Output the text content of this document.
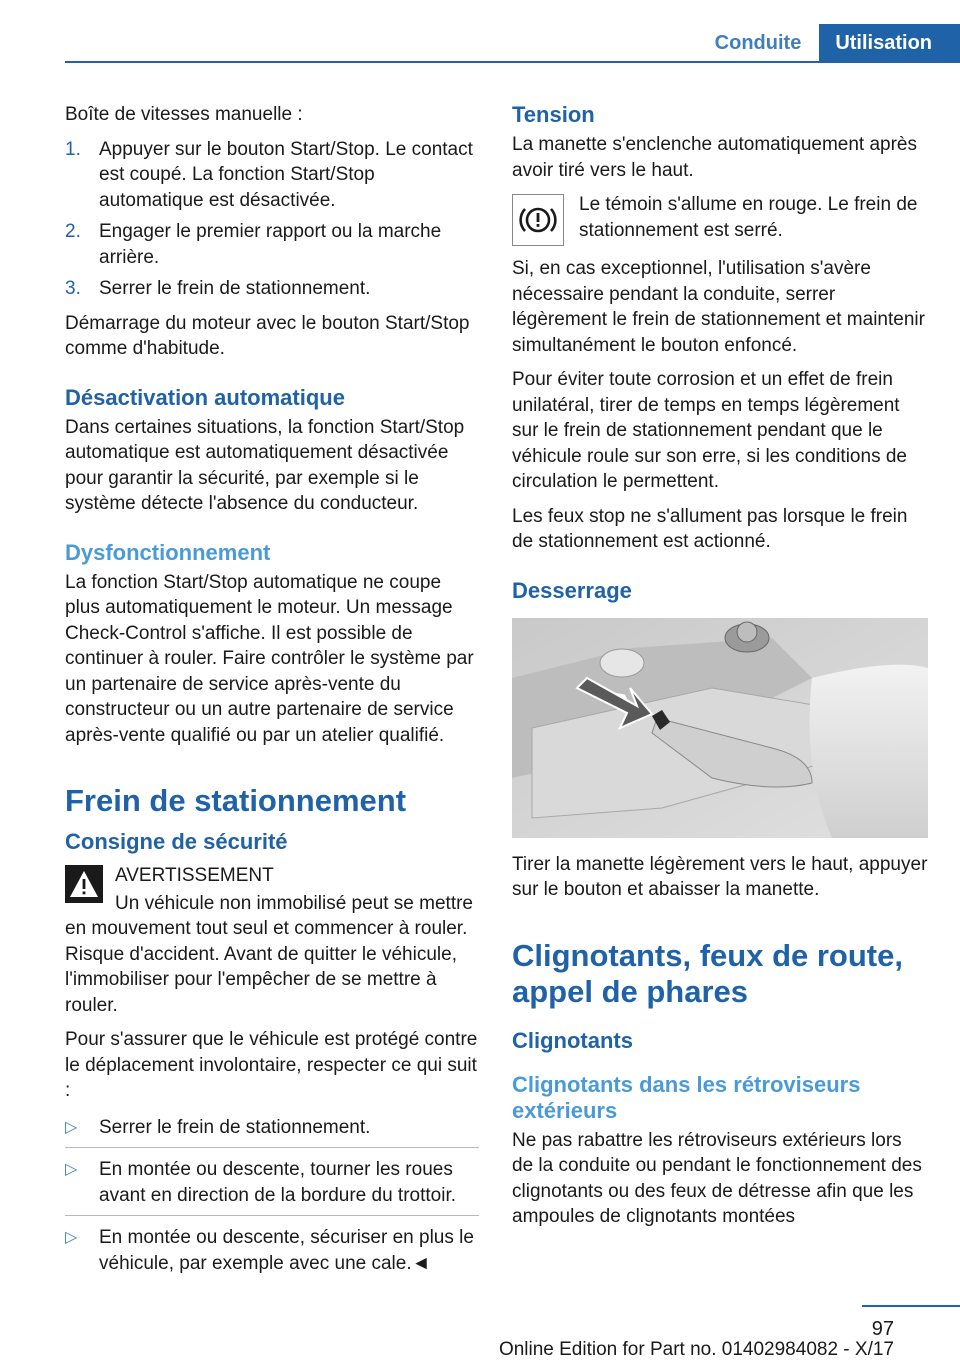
Conduite	Utilisation

Boîte de vitesses manuelle :

1. Appuyer sur le bouton Start/Stop. Le contact est coupé. La fonction Start/Stop automatique est désactivée.
2. Engager le premier rapport ou la marche arrière.
3. Serrer le frein de stationnement.

Démarrage du moteur avec le bouton Start/Stop comme d'habitude.

Désactivation automatique

Dans certaines situations, la fonction Start/Stop automatique est automatiquement désactivée pour garantir la sécurité, par exemple si le système détecte l'absence du conducteur.

Dysfonctionnement

La fonction Start/Stop automatique ne coupe plus automatiquement le moteur. Un message Check-Control s'affiche. Il est possible de continuer à rouler. Faire contrôler le système par un partenaire de service après-vente du constructeur ou un autre partenaire de service après-vente qualifié ou par un atelier qualifié.

Frein de stationnement
Consigne de sécurité
AVERTISSEMENT

Un véhicule non immobilisé peut se mettre en mouvement tout seul et commencer à rouler. Risque d'accident. Avant de quitter le véhicule, l'immobiliser pour l'empêcher de se mettre à rouler.

Pour s'assurer que le véhicule est protégé contre le déplacement involontaire, respecter ce qui suit :

▷	Serrer le frein de stationnement.
▷	En montée ou descente, tourner les roues avant en direction de la bordure du trottoir.
▷	En montée ou descente, sécuriser en plus le véhicule, par exemple avec une cale.◄
Tension

La manette s'enclenche automatiquement après avoir tiré vers le haut.

Le témoin s'allume en rouge. Le frein de stationnement est serré.

Si, en cas exceptionnel, l'utilisation s'avère nécessaire pendant la conduite, serrer légèrement le frein de stationnement et maintenir simultanément le bouton enfoncé.

Pour éviter toute corrosion et un effet de frein unilatéral, tirer de temps en temps légèrement sur le frein de stationnement pendant que le véhicule roule sur son erre, si les conditions de circulation le permettent.

Les feux stop ne s'allument pas lorsque le frein de stationnement est actionné.

Desserrage

Tirer la manette légèrement vers le haut, appuyer sur le bouton et abaisser la manette.

Clignotants, feux de route, appel de phares
Clignotants
Clignotants dans les rétroviseurs extérieurs

Ne pas rabattre les rétroviseurs extérieurs lors de la conduite ou pendant le fonctionnement des clignotants ou des feux de détresse afin que les ampoules de clignotants montées

97
Online Edition for Part no. 01402984082 - X/17
